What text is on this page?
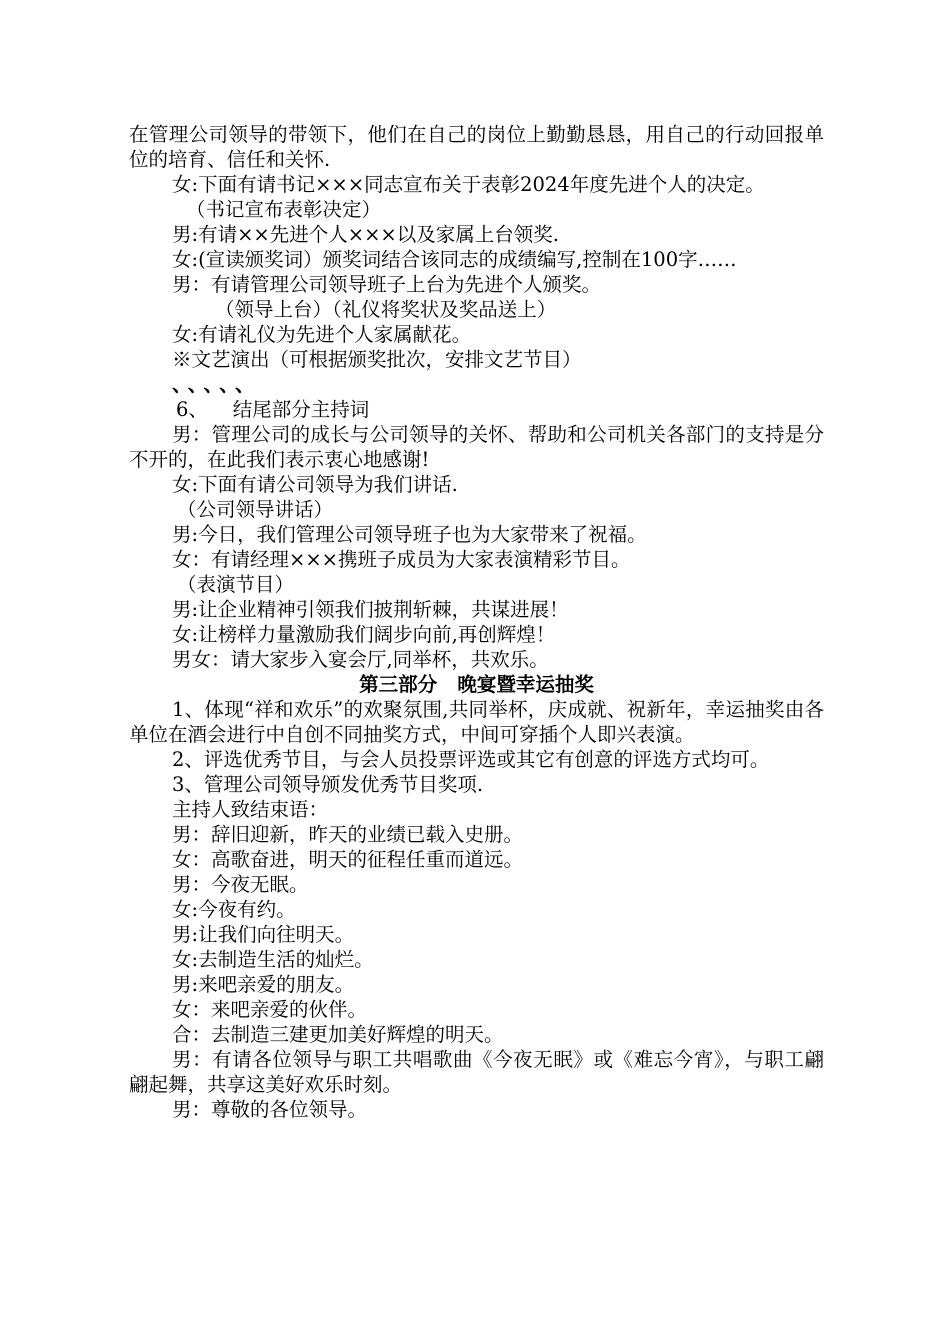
在管理公司领导的带领下，他们在自己的岗位上勤勤恳恳，用自己的行动回报单位的培育、信任和关怀.

女:下面有请书记×××同志宣布关于表彰2024年度先进个人的决定。

（书记宣布表彰决定）

男:有请××先进个人×××以及家属上台领奖.

女:(宣读颁奖词）颁奖词结合该同志的成绩编写,控制在100字……

男：有请管理公司领导班子上台为先进个人颁奖。

（领导上台）（礼仪将奖状及奖品送上）

女:有请礼仪为先进个人家属献花。

※文艺演出（可根据颁奖批次，安排文艺节目）

、、、、、

6、    结尾部分主持词

男：管理公司的成长与公司领导的关怀、帮助和公司机关各部门的支持是分不开的，在此我们表示衷心地感谢!

女:下面有请公司领导为我们讲话.

（公司领导讲话）

男:今日，我们管理公司领导班子也为大家带来了祝福。

女：有请经理×××携班子成员为大家表演精彩节目。

（表演节目）

男:让企业精神引领我们披荆斩棘，共谋进展！

女:让榜样力量激励我们阔步向前,再创辉煌！

男女：请大家步入宴会厅,同举杯，共欢乐。

第三部分   晚宴暨幸运抽奖

1、体现“祥和欢乐”的欢聚氛围,共同举杯，庆成就、祝新年，幸运抽奖由各单位在酒会进行中自创不同抽奖方式，中间可穿插个人即兴表演。

2、评选优秀节目，与会人员投票评选或其它有创意的评选方式均可。

3、管理公司领导颁发优秀节目奖项.

主持人致结束语：

男：辞旧迎新，昨天的业绩已载入史册。

女：高歌奋进，明天的征程任重而道远。

男：今夜无眠。

女:今夜有约。

男:让我们向往明天。

女:去制造生活的灿烂。

男:来吧亲爱的朋友。

女：来吧亲爱的伙伴。

合：去制造三建更加美好辉煌的明天。

男：有请各位领导与职工共唱歌曲《今夜无眠》或《难忘今宵》，与职工翩翩起舞，共享这美好欢乐时刻。

男：尊敬的各位领导。
